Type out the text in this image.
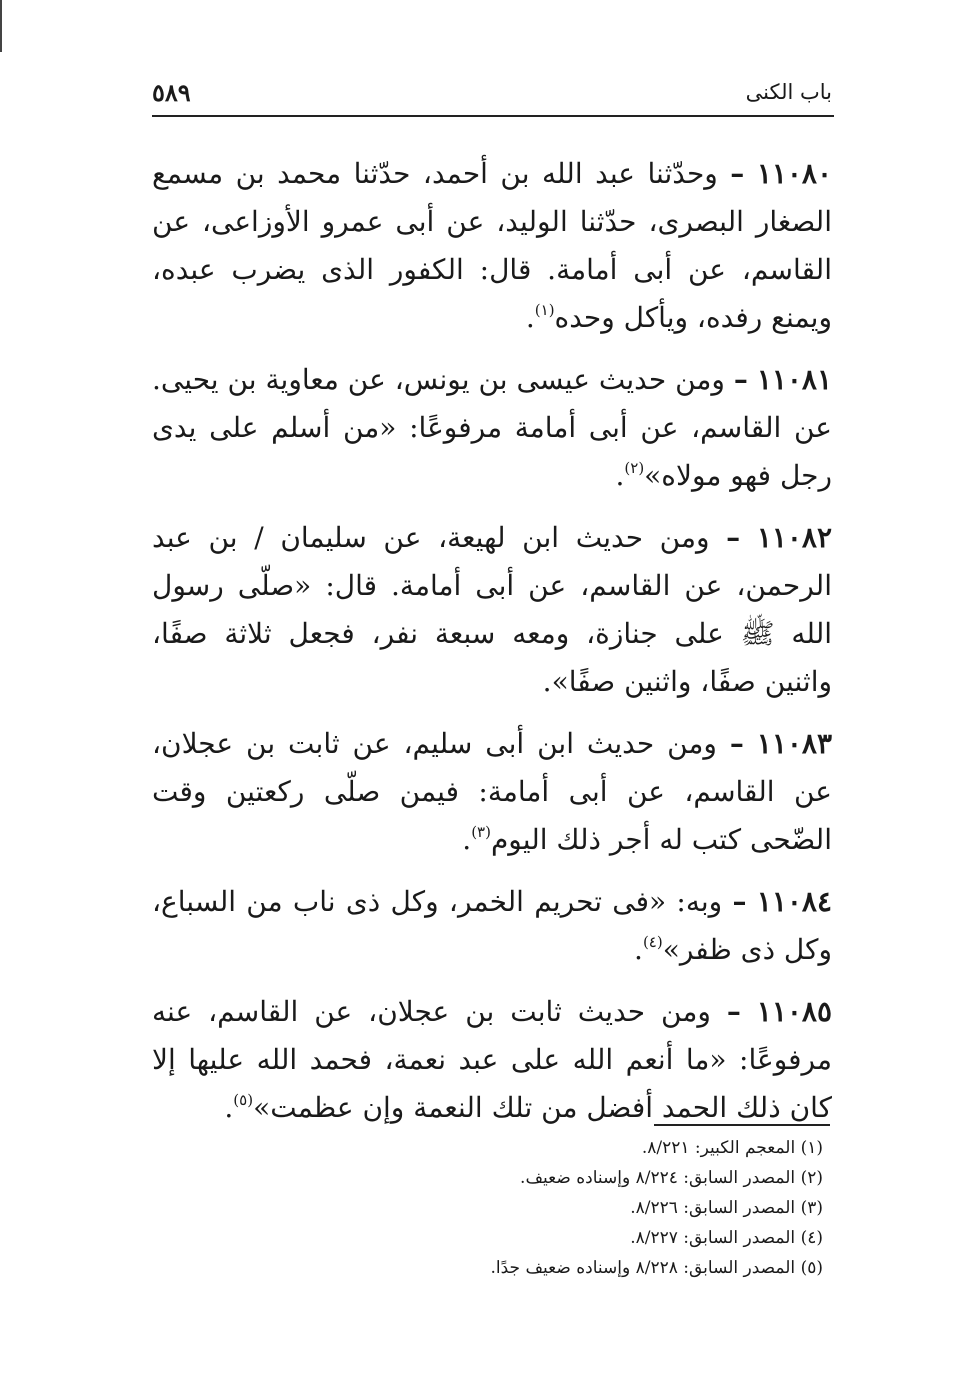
باب الكنى
٥٨٩

١١٠٨٠ – وحدّثنا عبد الله بن أحمد، حدّثنا محمد بن مسمع الصغار البصرى، حدّثنا الوليد، عن أبى عمرو الأوزاعى، عن القاسم، عن أبى أمامة. قال: الكفور الذى يضرب عبده، ويمنع رفده، ويأكل وحده$^{(١)}$.

١١٠٨١ – ومن حديث عيسى بن يونس، عن معاوية بن يحيى. عن القاسم، عن أبى أمامة مرفوعًا: «من أسلم على يدى رجل فهو مولاه»$^{(٢)}$.

١١٠٨٢ – ومن حديث ابن لهيعة، عن سليمان / بن عبد الرحمن، عن القاسم، عن أبى أمامة. قال: «صلّى رسول الله ﷺ على جنازة، ومعه سبعة نفر، فجعل ثلاثة صفًا، واثنين صفًا، واثنين صفًا».

١١٠٨٣ – ومن حديث ابن أبى سليم، عن ثابت بن عجلان، عن القاسم، عن أبى أمامة: فيمن صلّى ركعتين وقت الضّحى كتب له أجر ذلك اليوم$^{(٣)}$.

١١٠٨٤ – وبه: «فى تحريم الخمر، وكل ذى ناب من السباع، وكل ذى ظفر»$^{(٤)}$.

١١٠٨٥ – ومن حديث ثابت بن عجلان، عن القاسم، عنه مرفوعًا: «ما أنعم الله على عبد نعمة، فحمد الله عليها إلا كان ذلك الحمد أفضل من تلك النعمة وإن عظمت»$^{(٥)}$.

(١) المعجم الكبير: ٨/٢٢١.

(٢) المصدر السابق: ٨/٢٢٤ وإسناده ضعيف.

(٣) المصدر السابق: ٨/٢٢٦.

(٤) المصدر السابق: ٨/٢٢٧.

(٥) المصدر السابق: ٨/٢٢٨ وإسناده ضعيف جدًا.
